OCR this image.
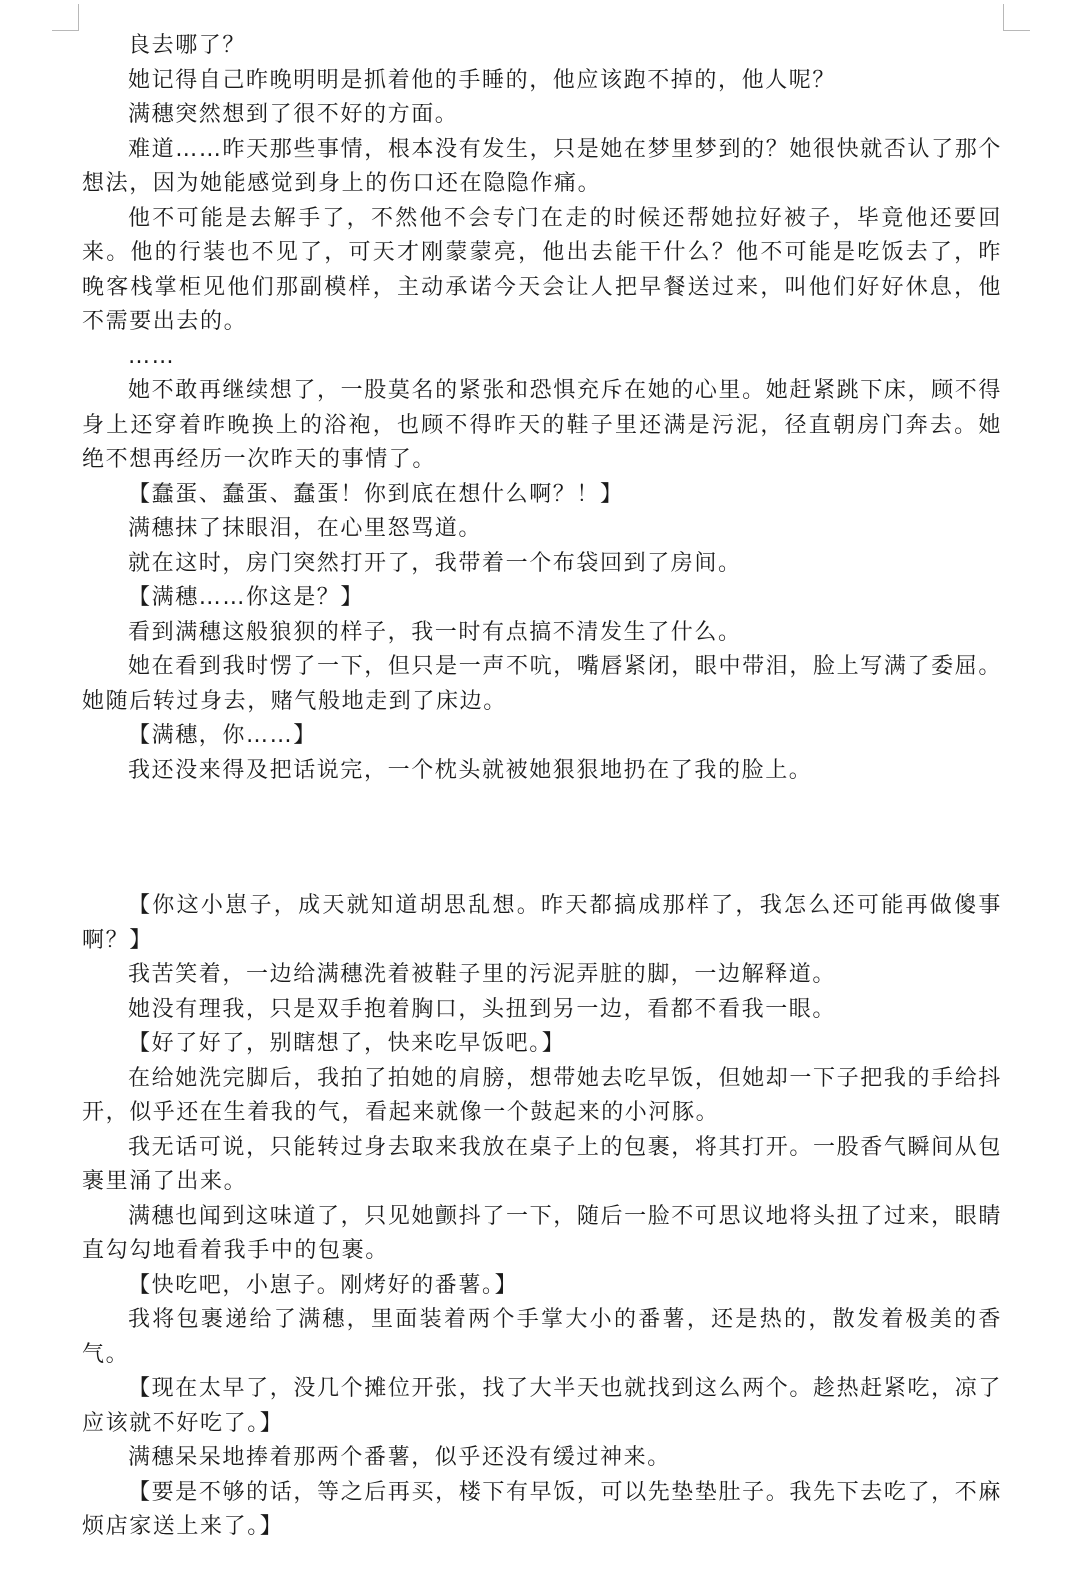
良去哪了？

她记得自己昨晚明明是抓着他的手睡的，他应该跑不掉的，他人呢？

满穗突然想到了很不好的方面。

难道……昨天那些事情，根本没有发生，只是她在梦里梦到的？她很快就否认了那个想法，因为她能感觉到身上的伤口还在隐隐作痛。

他不可能是去解手了，不然他不会专门在走的时候还帮她拉好被子，毕竟他还要回来。他的行装也不见了，可天才刚蒙蒙亮，他出去能干什么？他不可能是吃饭去了，昨晚客栈掌柜见他们那副模样，主动承诺今天会让人把早餐送过来，叫他们好好休息，他不需要出去的。

……

她不敢再继续想了，一股莫名的紧张和恐惧充斥在她的心里。她赶紧跳下床，顾不得身上还穿着昨晚换上的浴袍，也顾不得昨天的鞋子里还满是污泥，径直朝房门奔去。她绝不想再经历一次昨天的事情了。

【蠢蛋、蠢蛋、蠢蛋！你到底在想什么啊？！】

满穗抹了抹眼泪，在心里怒骂道。

就在这时，房门突然打开了，我带着一个布袋回到了房间。

【满穗……你这是？】

看到满穗这般狼狈的样子，我一时有点搞不清发生了什么。

她在看到我时愣了一下，但只是一声不吭，嘴唇紧闭，眼中带泪，脸上写满了委屈。她随后转过身去，赌气般地走到了床边。

【满穗，你……】

我还没来得及把话说完，一个枕头就被她狠狠地扔在了我的脸上。

【你这小崽子，成天就知道胡思乱想。昨天都搞成那样了，我怎么还可能再做傻事啊？】

我苦笑着，一边给满穗洗着被鞋子里的污泥弄脏的脚，一边解释道。

她没有理我，只是双手抱着胸口，头扭到另一边，看都不看我一眼。

【好了好了，别瞎想了，快来吃早饭吧。】

在给她洗完脚后，我拍了拍她的肩膀，想带她去吃早饭，但她却一下子把我的手给抖开，似乎还在生着我的气，看起来就像一个鼓起来的小河豚。

我无话可说，只能转过身去取来我放在桌子上的包裹，将其打开。一股香气瞬间从包裹里涌了出来。

满穗也闻到这味道了，只见她颤抖了一下，随后一脸不可思议地将头扭了过来，眼睛直勾勾地看着我手中的包裹。

【快吃吧，小崽子。刚烤好的番薯。】

我将包裹递给了满穗，里面装着两个手掌大小的番薯，还是热的，散发着极美的香气。

【现在太早了，没几个摊位开张，找了大半天也就找到这么两个。趁热赶紧吃，凉了应该就不好吃了。】

满穗呆呆地捧着那两个番薯，似乎还没有缓过神来。

【要是不够的话，等之后再买，楼下有早饭，可以先垫垫肚子。我先下去吃了，不麻烦店家送上来了。】
